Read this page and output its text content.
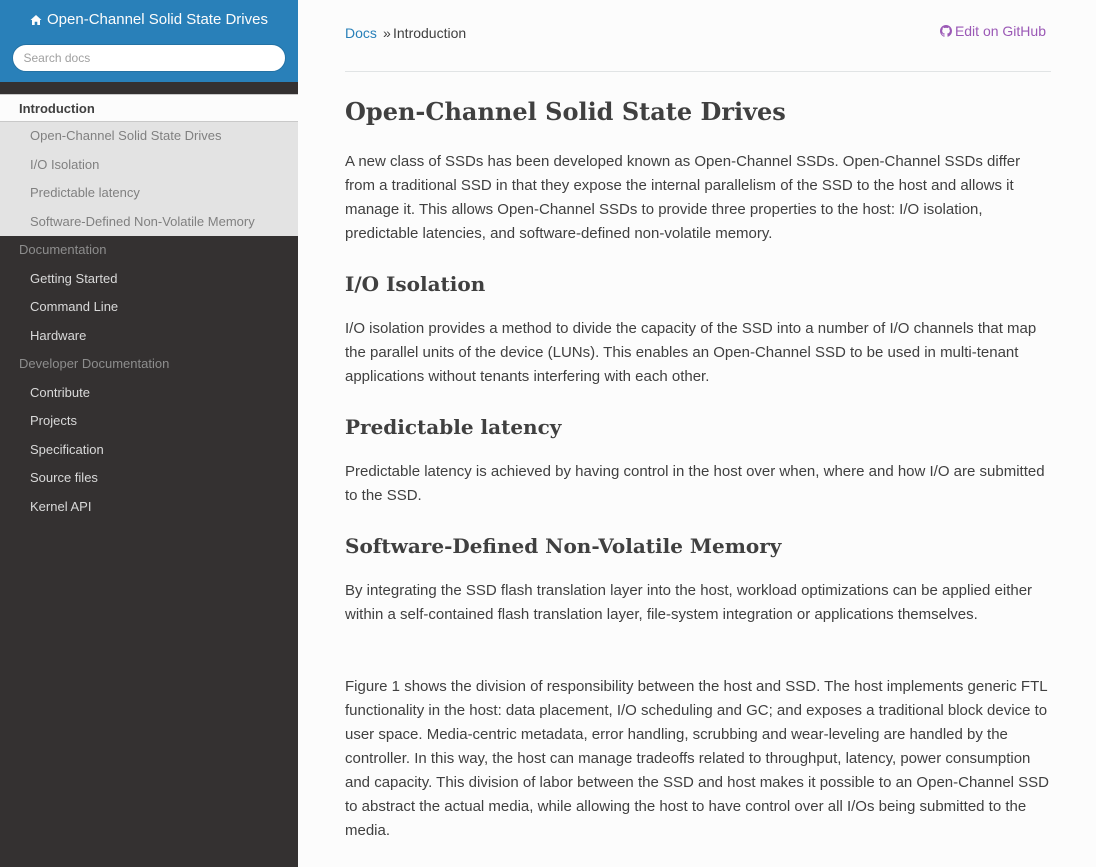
Open-Channel Solid State Drives
Search docs
Introduction
Open-Channel Solid State Drives
I/O Isolation
Predictable latency
Software-Defined Non-Volatile Memory
Documentation
Getting Started
Command Line
Hardware
Developer Documentation
Contribute
Projects
Specification
Source files
Kernel API
Docs » Introduction	Edit on GitHub
Open-Channel Solid State Drives

A new class of SSDs has been developed known as Open-Channel SSDs. Open-Channel SSDs differ from a traditional SSD in that they expose the internal parallelism of the SSD to the host and allows it manage it. This allows Open-Channel SSDs to provide three properties to the host: I/O isolation, predictable latencies, and software-defined non-volatile memory.

I/O Isolation

I/O isolation provides a method to divide the capacity of the SSD into a number of I/O channels that map the parallel units of the device (LUNs). This enables an Open-Channel SSD to be used in multi-tenant applications without tenants interfering with each other.

Predictable latency

Predictable latency is achieved by having control in the host over when, where and how I/O are submitted to the SSD.

Software-Defined Non-Volatile Memory

By integrating the SSD flash translation layer into the host, workload optimizations can be applied either within a self-contained flash translation layer, file-system integration or applications themselves.

Figure 1 shows the division of responsibility between the host and SSD. The host implements generic FTL functionality in the host: data placement, I/O scheduling and GC; and exposes a traditional block device to user space. Media-centric metadata, error handling, scrubbing and wear-leveling are handled by the controller. In this way, the host can manage tradeoffs related to throughput, latency, power consumption and capacity. This division of labor between the SSD and host makes it possible to an Open-Channel SSD to abstract the actual media, while allowing the host to have control over all I/Os being submitted to the media.
